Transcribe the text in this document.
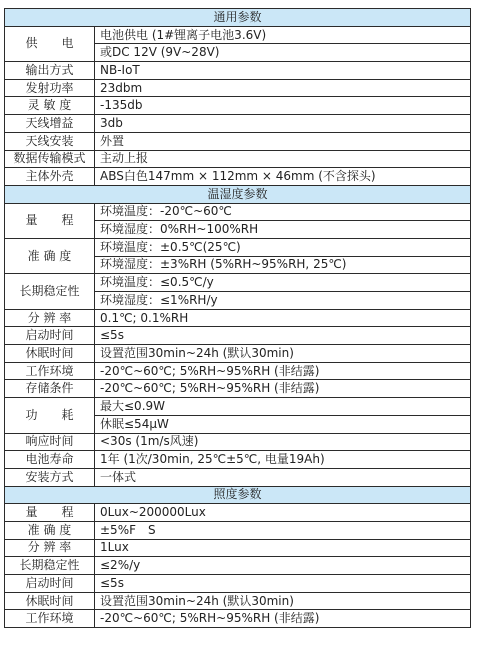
通用参数	
供　　电	电池供电 (1#锂离子电池3.6V)
	或DC 12V (9V~28V)
输出方式	NB-IoT
发射功率	23dbm
灵 敏 度	-135db
天线增益	3db
天线安装	外置
数据传输模式	主动上报
主体外壳	ABS白色147mm × 112mm × 46mm (不含探头)
温湿度参数	
量　　程	环境温度：-20℃~60℃
	环境湿度：0%RH~100%RH
准 确 度	环境温度：±0.5℃(25℃)
	环境湿度：±3%RH (5%RH~95%RH, 25℃)
长期稳定性	环境温度：≤0.5℃/y
	环境湿度：≤1%RH/y
分 辨 率	0.1℃; 0.1%RH
启动时间	≤5s
休眠时间	设置范围30min~24h (默认30min)
工作环境	-20℃~60℃; 5%RH~95%RH (非结露)
存储条件	-20℃~60℃; 5%RH~95%RH (非结露)
功　　耗	最大≤0.9W
	休眠≤54μW
响应时间	<30s (1m/s风速)
电池寿命	1年 (1次/30min, 25℃±5℃, 电量19Ah)
安装方式	一体式
照度参数	
量　　程	0Lux~200000Lux
准 确 度	±5%F　S
分 辨 率	1Lux
长期稳定性	≤2%/y
启动时间	≤5s
休眠时间	设置范围30min~24h (默认30min)
工作环境	-20℃~60℃; 5%RH~95%RH (非结露)
